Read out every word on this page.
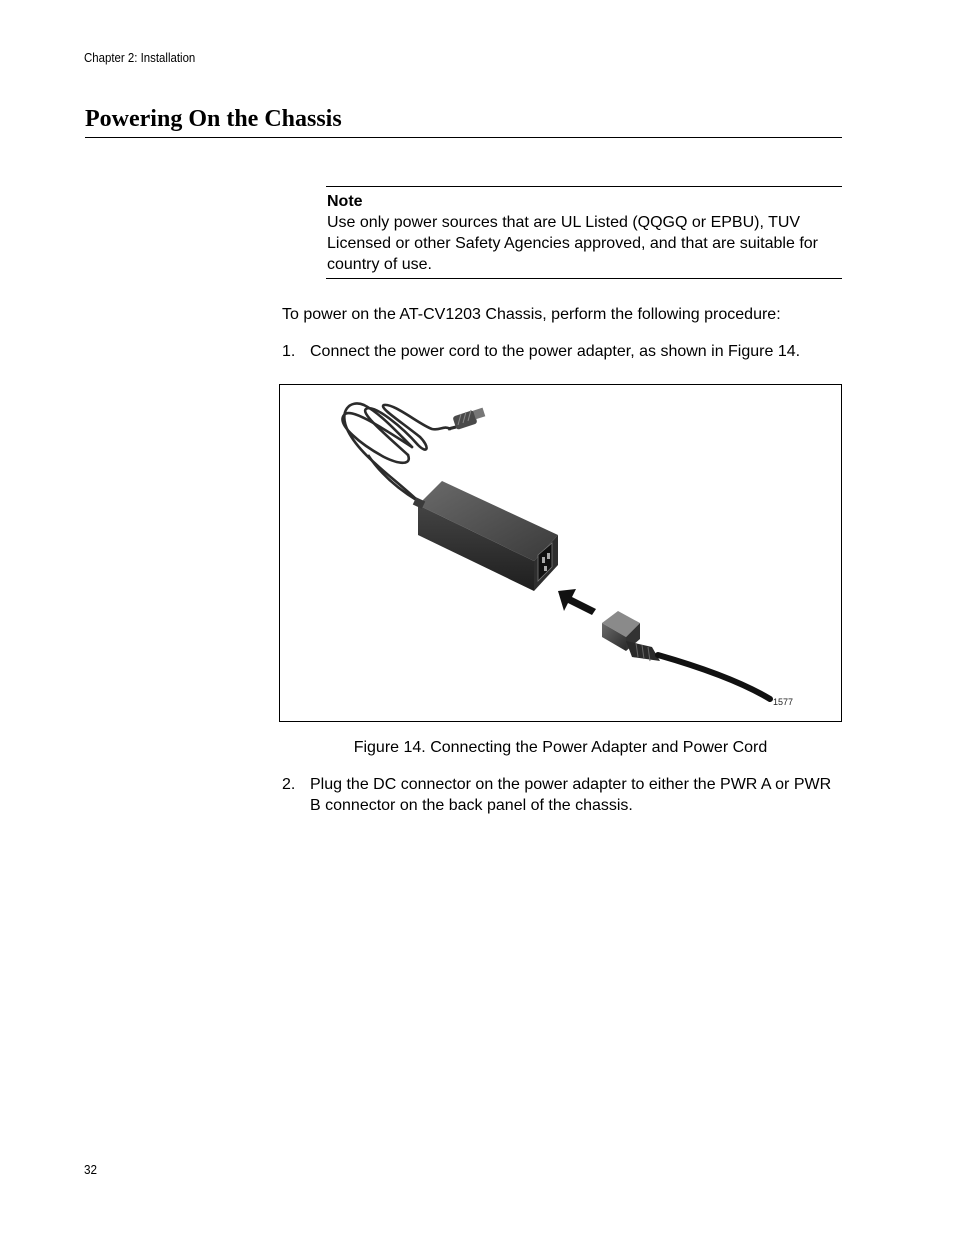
Chapter 2: Installation
Powering On the Chassis
Note
Use only power sources that are UL Listed (QQGQ or EPBU), TUV Licensed or other Safety Agencies approved, and that are suitable for country of use.

To power on the AT-CV1203 Chassis, perform the following procedure:

1. Connect the power cord to the power adapter, as shown in Figure 14.
1577
Figure 14. Connecting the Power Adapter and Power Cord
2. Plug the DC connector on the power adapter to either the PWR A or PWR B connector on the back panel of the chassis.
32
